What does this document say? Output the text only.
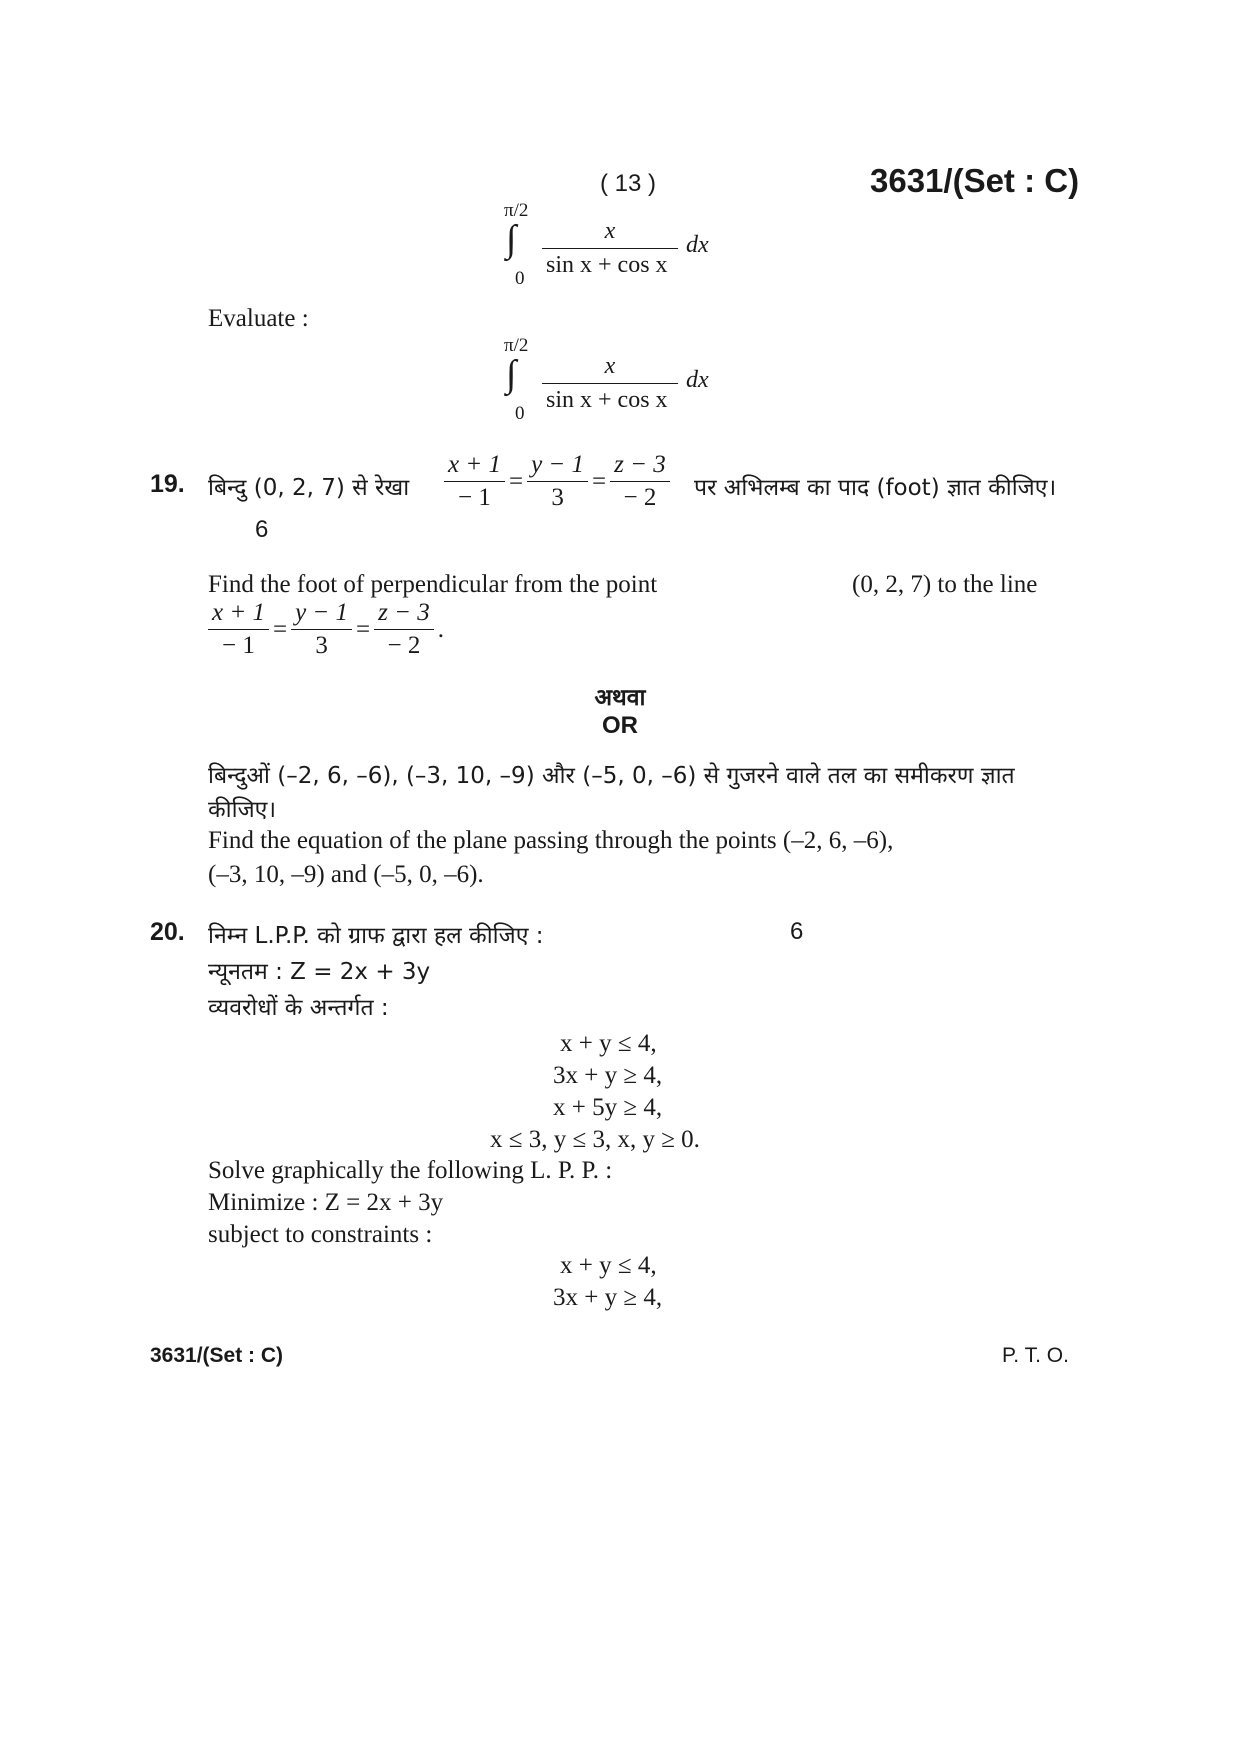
( 13 )	3631/(Set : C)
π/2
∫
0
x
sin x + cos x
dx
Evaluate :
π/2
∫
0
x
sin x + cos x
dx
19. बिन्दु (0, 2, 7) से रेखा $\frac{x + 1}{- 1} = \frac{y - 1}{3} = \frac{z - 3}{- 2}$ पर अभिलम्ब का पाद (foot) ज्ञात कीजिए।
6
Find the foot of perpendicular from the point	(0, 2, 7) to the line
$\frac{x + 1}{- 1} = \frac{y - 1}{3} = \frac{z - 3}{- 2}$ .
अथवा
OR
बिन्दुओं (–2, 6, –6), (–3, 10, –9) और (–5, 0, –6) से गुजरने वाले तल का समीकरण ज्ञात
कीजिए।
Find the equation of the plane passing through the points (–2, 6, –6),
(–3, 10, –9) and (–5, 0, –6).
20. निम्न L.P.P. को ग्राफ द्वारा हल कीजिए :	6
न्यूनतम : Z = 2x + 3y
व्यवरोधों के अन्तर्गत :
x + y ≤ 4,
3x + y ≥ 4,
x + 5y ≥ 4,
x ≤ 3, y ≤ 3, x, y ≥ 0.
Solve graphically the following L. P. P. :
Minimize : Z = 2x + 3y
subject to constraints :
x + y ≤ 4,
3x + y ≥ 4,
3631/(Set : C)	P. T. O.
